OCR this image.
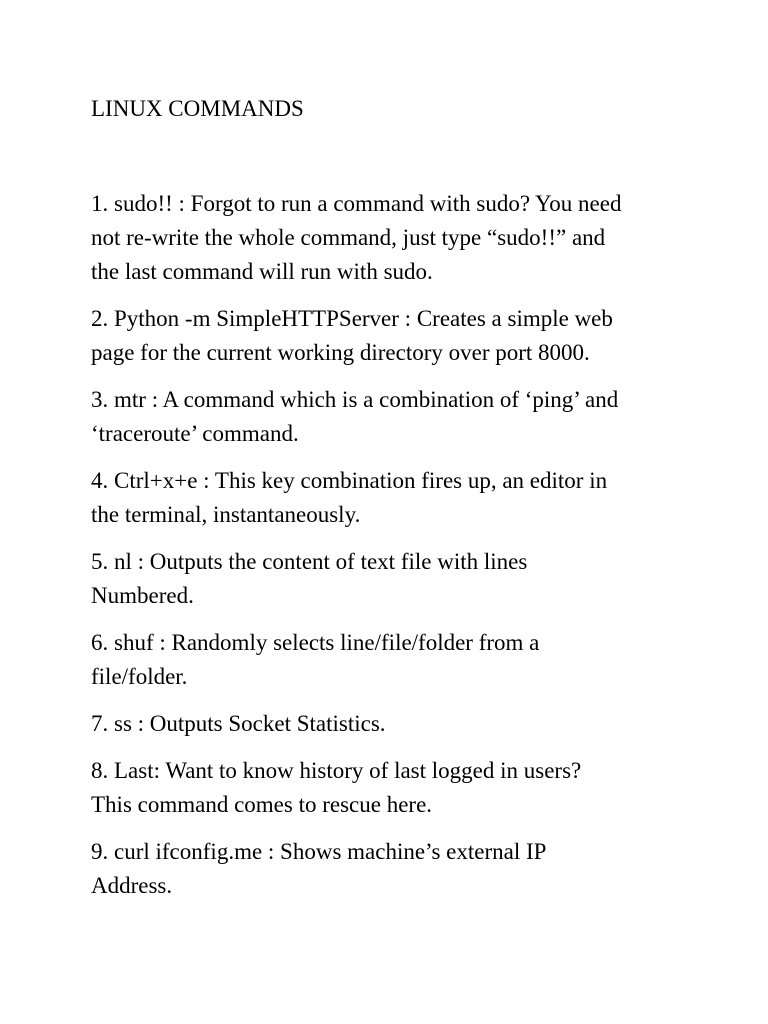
LINUX COMMANDS
1. sudo!! : Forgot to run a command with sudo? You need
not re-write the whole command, just type “sudo!!” and
the last command will run with sudo.
2. Python -m SimpleHTTPServer : Creates a simple web
page for the current working directory over port 8000.
3. mtr : A command which is a combination of ‘ping’ and
‘traceroute’ command.
4. Ctrl+x+e : This key combination fires up, an editor in
the terminal, instantaneously.
5. nl : Outputs the content of text file with lines
Numbered.
6. shuf : Randomly selects line/file/folder from a
file/folder.
7. ss : Outputs Socket Statistics.
8. Last: Want to know history of last logged in users?
This command comes to rescue here.
9. curl ifconfig.me : Shows machine’s external IP
Address.
